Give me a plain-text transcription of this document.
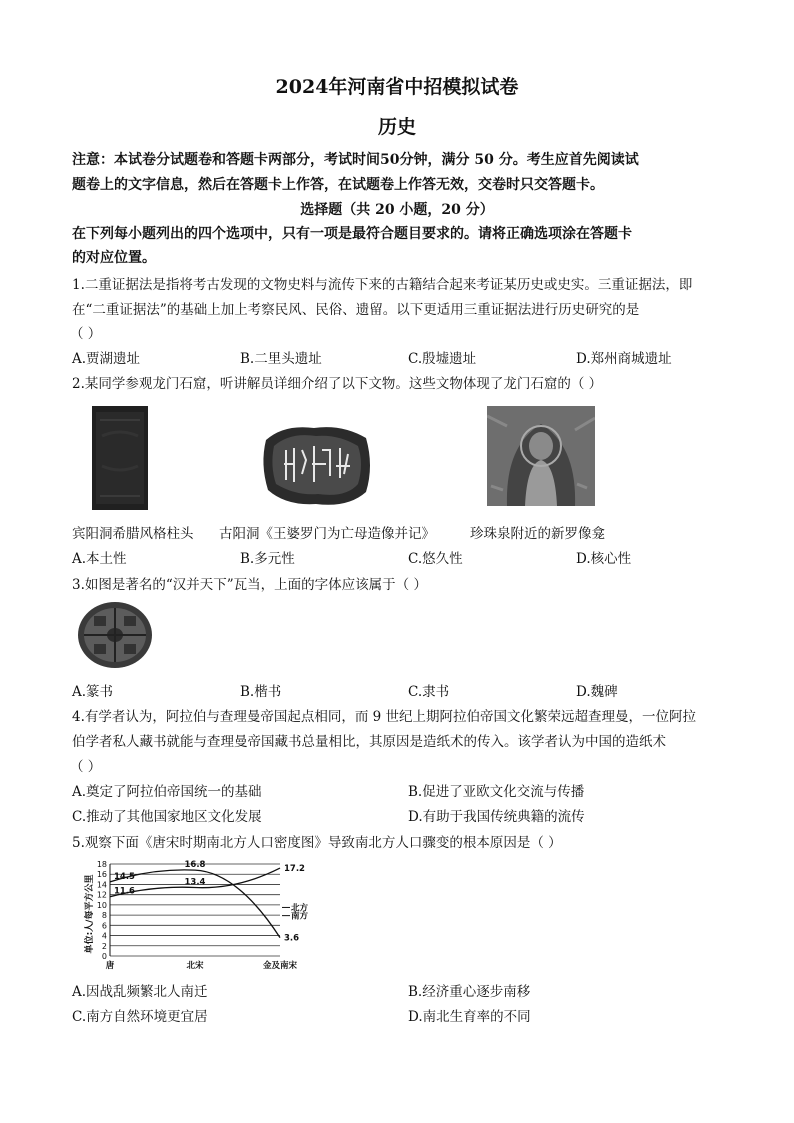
2024年河南省中招模拟试卷
历史
注意：本试卷分试题卷和答题卡两部分，考试时间50分钟，满分 50 分。考生应首先阅读试
题卷上的文字信息，然后在答题卡上作答，在试题卷上作答无效，交卷时只交答题卡。
选择题（共 20 小题，20 分）
在下列每小题列出的四个选项中，只有一项是最符合题目要求的。请将正确选项涂在答题卡
的对应位置。
1.二重证据法是指将考古发现的文物史料与流传下来的古籍结合起来考证某历史或史实。三重证据法，即
在“二重证据法”的基础上加上考察民风、民俗、遗留。以下更适用三重证据法进行历史研究的是
（ ）
A.贾湖遗址	B.二里头遗址	C.殷墟遗址	D.郑州商城遗址
2.某同学参观龙门石窟，听讲解员详细介绍了以下文物。这些文物体现了龙门石窟的（ ）
宾阳洞希腊风格柱头 古阳洞《王婆罗门为亡母造像并记》	珍珠泉附近的新罗像龛
A.本土性	B.多元性	C.悠久性	D.核心性
3.如图是著名的“汉并天下”瓦当，上面的字体应该属于（ ）
A.篆书	B.楷书	C.隶书	D.魏碑
4.有学者认为，阿拉伯与查理曼帝国起点相同，而 9 世纪上期阿拉伯帝国文化繁荣远超查理曼，一位阿拉
伯学者私人藏书就能与查理曼帝国藏书总量相比，其原因是造纸术的传入。该学者认为中国的造纸术
（ ）
A.奠定了阿拉伯帝国统一的基础	B.促进了亚欧文化交流与传播
C.推动了其他国家地区文化发展	D.有助于我国传统典籍的流传
5.观察下面《唐宋时期南北方人口密度图》导致南北方人口骤变的根本原因是（ ）
单位:人/每平方公里
0
2
4
6
8
10
12
14
16
18
唐	北宋	金及南宋
14.5
16.8
3.6
11.6
13.4
17.2
北方
南方
A.因战乱频繁北人南迁	B.经济重心逐步南移
C.南方自然环境更宜居	D.南北生育率的不同
